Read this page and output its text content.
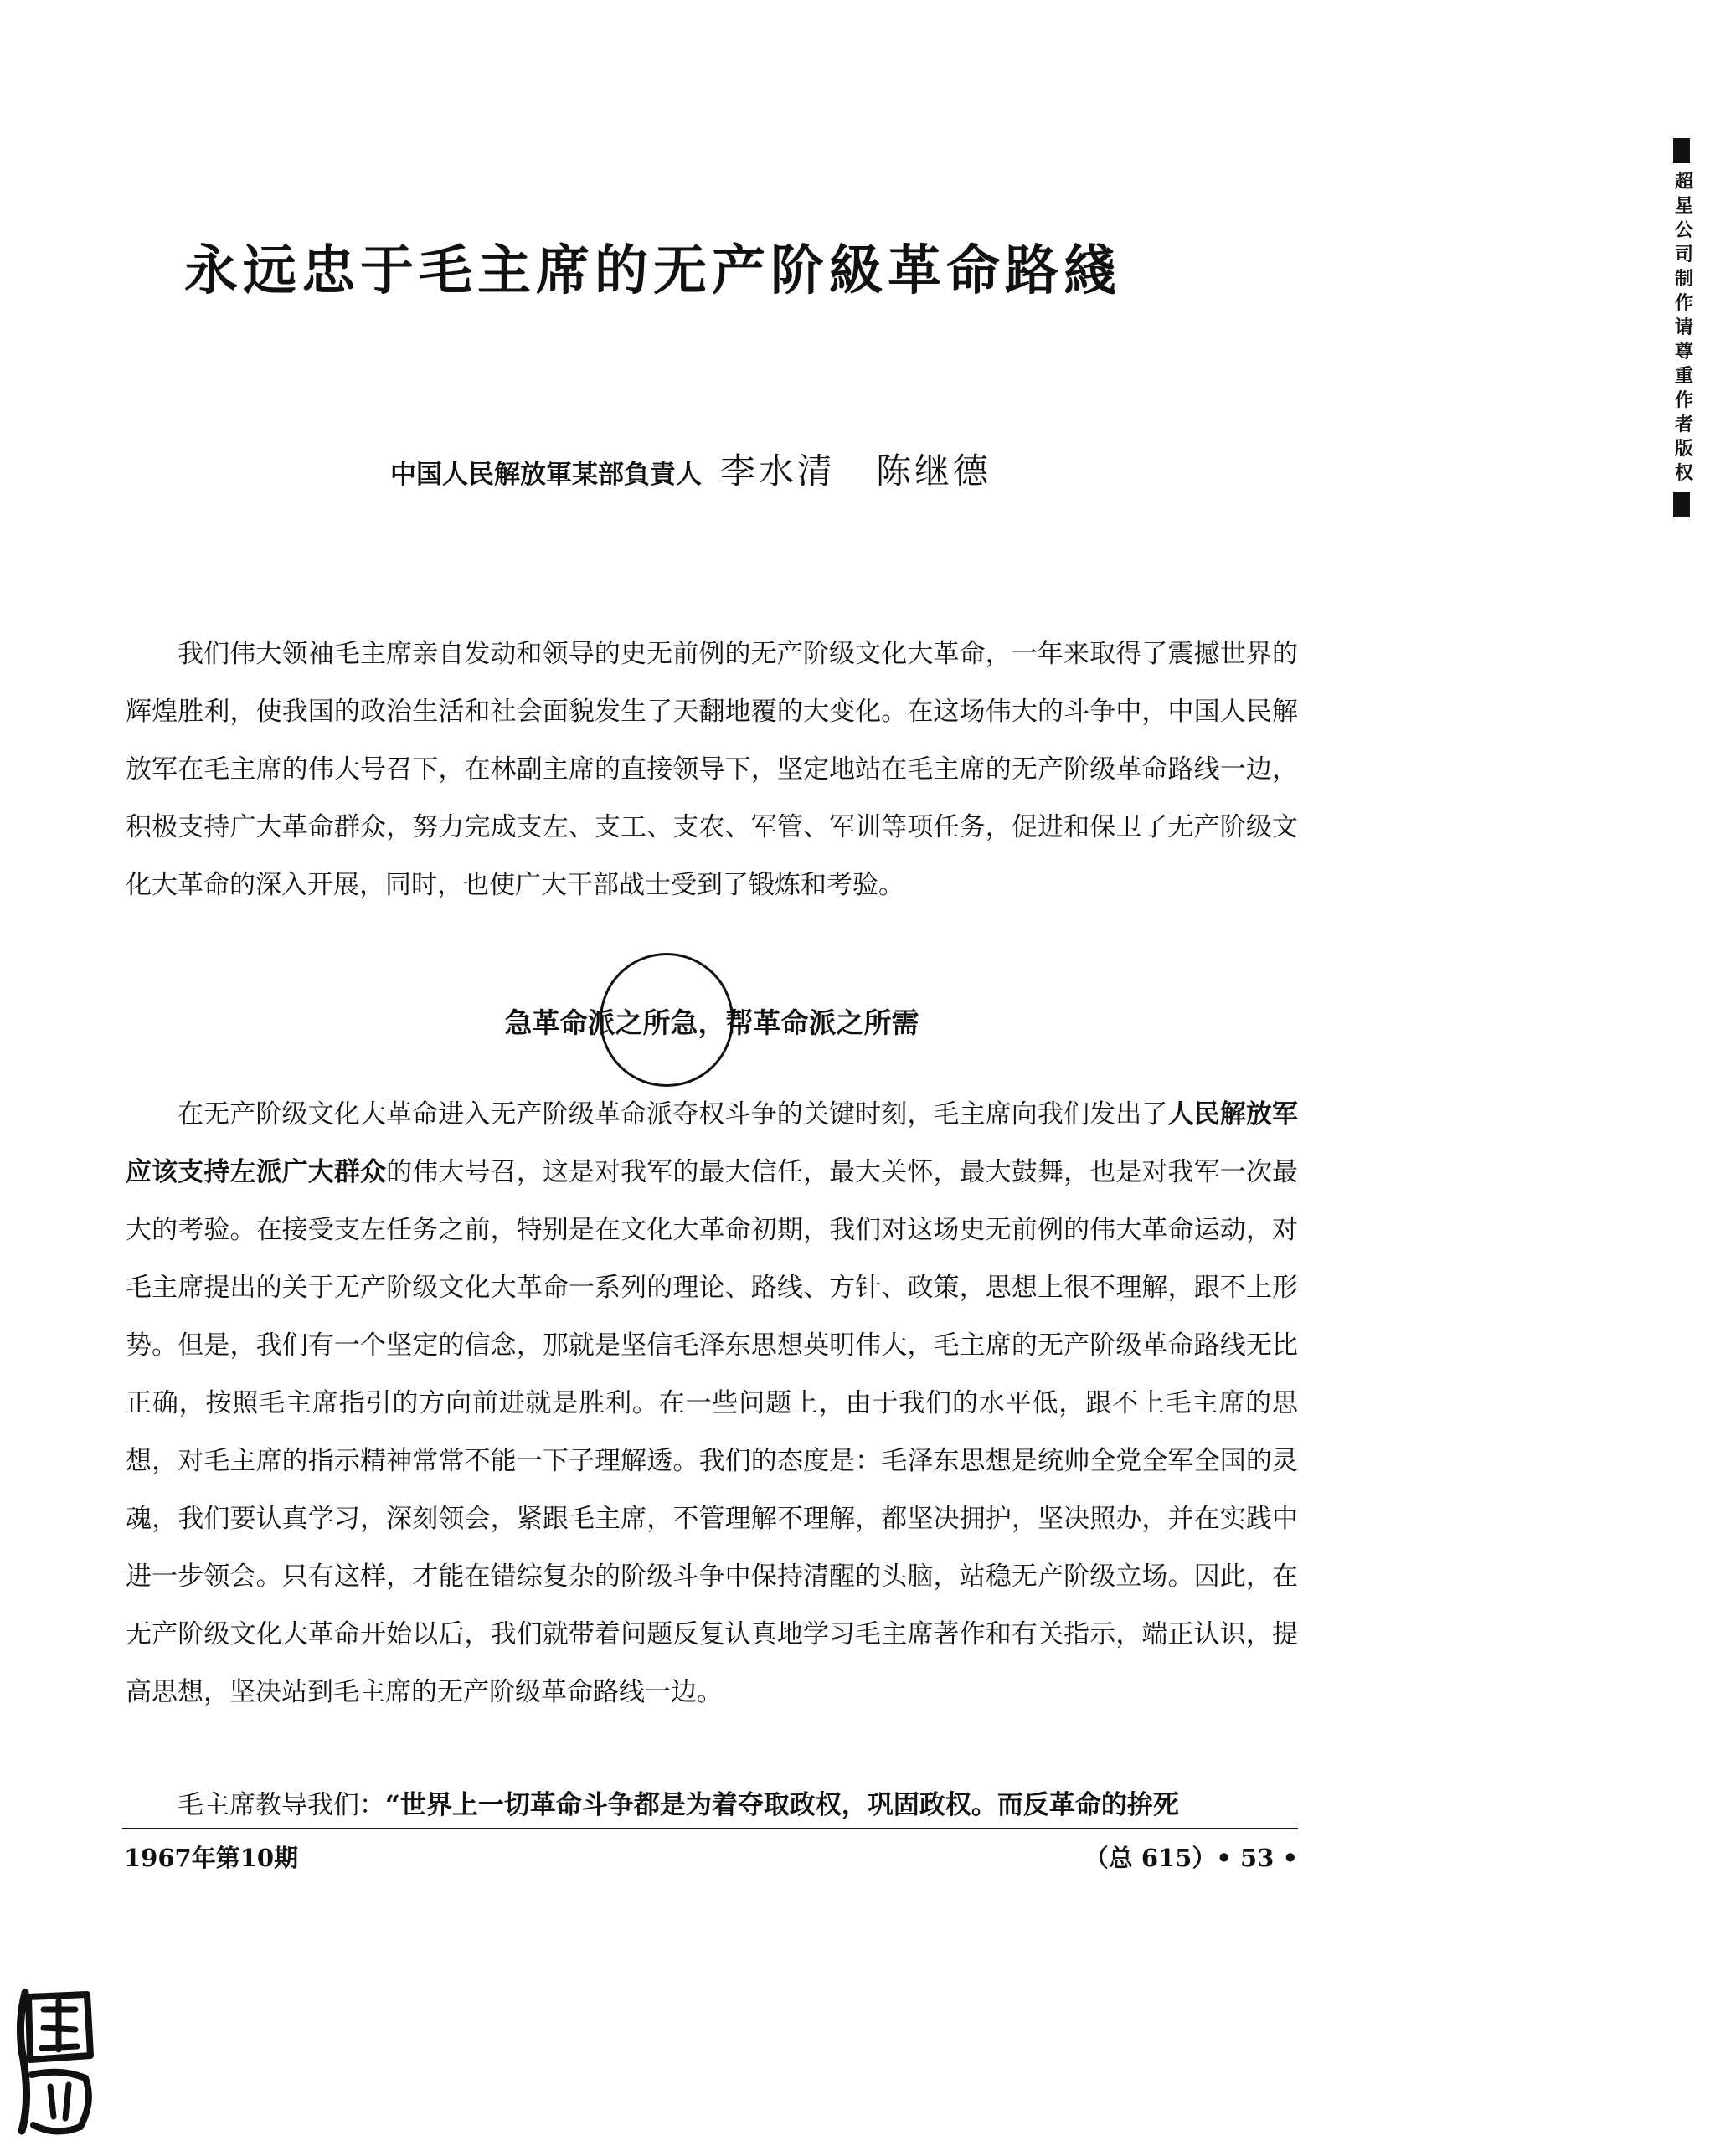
永远忠于毛主席的无产阶級革命路綫
中国人民解放軍某部負責人 李水清 陈继德

我们伟大领袖毛主席亲自发动和领导的史无前例的无产阶级文化大革命，一年来取得了震撼世界的辉煌胜利，使我国的政治生活和社会面貌发生了天翻地覆的大变化。在这场伟大的斗争中，中国人民解放军在毛主席的伟大号召下，在林副主席的直接领导下，坚定地站在毛主席的无产阶级革命路线一边，积极支持广大革命群众，努力完成支左、支工、支农、军管、军训等项任务，促进和保卫了无产阶级文化大革命的深入开展，同时，也使广大干部战士受到了锻炼和考验。

急革命派之所急，帮革命派之所需

在无产阶级文化大革命进入无产阶级革命派夺权斗争的关键时刻，毛主席向我们发出了人民解放军应该支持左派广大群众的伟大号召，这是对我军的最大信任，最大关怀，最大鼓舞，也是对我军一次最大的考验。在接受支左任务之前，特别是在文化大革命初期，我们对这场史无前例的伟大革命运动，对毛主席提出的关于无产阶级文化大革命一系列的理论、路线、方针、政策，思想上很不理解，跟不上形势。但是，我们有一个坚定的信念，那就是坚信毛泽东思想英明伟大，毛主席的无产阶级革命路线无比正确，按照毛主席指引的方向前进就是胜利。在一些问题上，由于我们的水平低，跟不上毛主席的思想，对毛主席的指示精神常常不能一下子理解透。我们的态度是：毛泽东思想是统帅全党全军全国的灵魂，我们要认真学习，深刻领会，紧跟毛主席，不管理解不理解，都坚决拥护，坚决照办，并在实践中进一步领会。只有这样，才能在错综复杂的阶级斗争中保持清醒的头脑，站稳无产阶级立场。因此，在无产阶级文化大革命开始以后，我们就带着问题反复认真地学习毛主席著作和有关指示，端正认识，提高思想，坚决站到毛主席的无产阶级革命路线一边。

毛主席教导我们：“世界上一切革命斗争都是为着夺取政权，巩固政权。而反革命的拚死

1967年第10期	（总 615）• 53 •
超星公司制作请尊重作者版权
